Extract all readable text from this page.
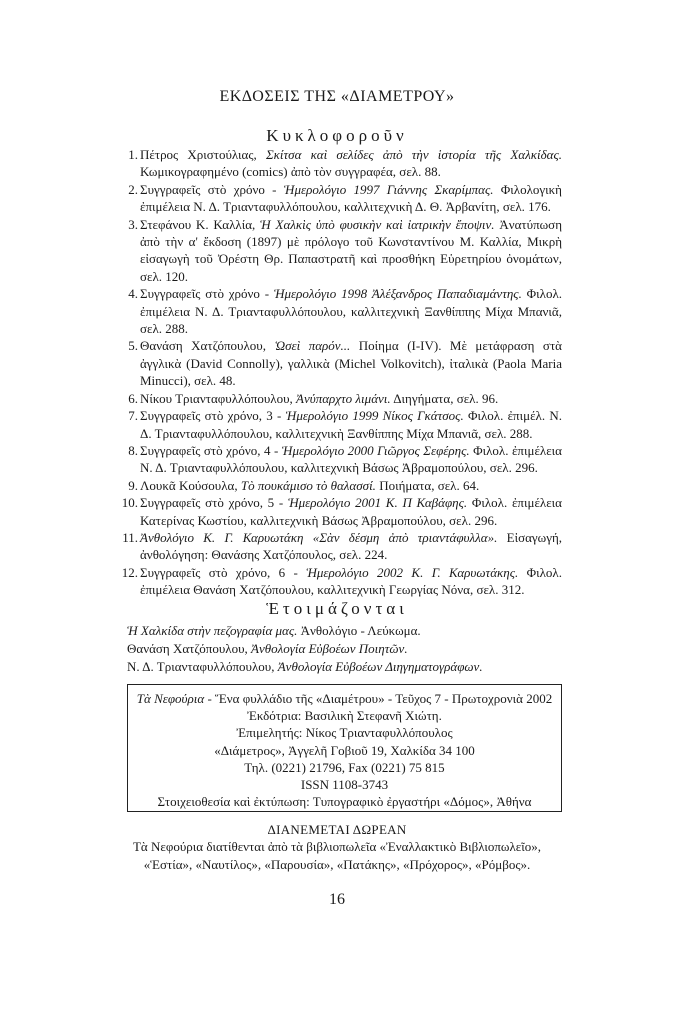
ΕΚΔΟΣΕΙΣ ΤΗΣ «ΔΙΑΜΕΤΡΟΥ»
Κυκλοφοροῦν
1. Πέτρος Χριστούλιας, Σκίτσα καὶ σελίδες ἀπὸ τὴν ἱστορία τῆς Χαλκίδας. Κωμικογραφημένο (comics) ἀπὸ τὸν συγγραφέα, σελ. 88.
2. Συγγραφεῖς στὸ χρόνο - Ἡμερολόγιο 1997 Γιάννης Σκαρίμπας. Φιλολογικὴ ἐπιμέλεια Ν. Δ. Τριανταφυλλόπουλου, καλλιτεχνικὴ Δ. Θ. Ἀρβανίτη, σελ. 176.
3. Στεφάνου Κ. Καλλία, Ἡ Χαλκὶς ὑπὸ φυσικὴν καὶ ἰατρικὴν ἔποψιν. Ἀνατύπωση ἀπὸ τὴν α' ἔκδοση (1897) μὲ πρόλογο τοῦ Κωνσταντίνου Μ. Καλλία, Μικρὴ εἰσαγωγὴ τοῦ Ὀρέστη Θρ. Παπαστρατῆ καὶ προσθήκη Εὑρετηρίου ὀνομάτων, σελ. 120.
4. Συγγραφεῖς στὸ χρόνο - Ἡμερολόγιο 1998 Ἀλέξανδρος Παπαδιαμάντης. Φιλολ. ἐπιμέλεια Ν. Δ. Τριανταφυλλόπουλου, καλλιτεχνικὴ Ξανθίππης Μίχα Μπανιᾶ, σελ. 288.
5. Θανάση Χατζόπουλου, Ὡσεὶ παρόν... Ποίημα (I-IV). Μὲ μετάφραση στὰ ἀγγλικὰ (David Connolly), γαλλικὰ (Michel Volkovitch), ἰταλικὰ (Paola Maria Minucci), σελ. 48.
6. Νίκου Τριανταφυλλόπουλου, Ἀνύπαρχτο λιμάνι. Διηγήματα, σελ. 96.
7. Συγγραφεῖς στὸ χρόνο, 3 - Ἡμερολόγιο 1999 Νίκος Γκάτσος. Φιλολ. ἐπιμέλ. Ν. Δ. Τριανταφυλλόπουλου, καλλιτεχνικὴ Ξανθίππης Μίχα Μπανιᾶ, σελ. 288.
8. Συγγραφεῖς στὸ χρόνο, 4 - Ἡμερολόγιο 2000 Γιῶργος Σεφέρης. Φιλολ. ἐπιμέλεια Ν. Δ. Τριανταφυλλόπουλου, καλλιτεχνικὴ Βάσως Ἀβραμοπούλου, σελ. 296.
9. Λουκᾶ Κούσουλα, Τὸ πουκάμισο τὸ θαλασσί. Ποιήματα, σελ. 64.
10. Συγγραφεῖς στὸ χρόνο, 5 - Ἡμερολόγιο 2001 Κ. Π Καβάφης. Φιλολ. ἐπιμέλεια Κατερίνας Κωστίου, καλλιτεχνικὴ Βάσως Ἀβραμοπούλου, σελ. 296.
11. Ἀνθολόγιο Κ. Γ. Καρυωτάκη «Σὰν δέσμη ἀπὸ τριαντάφυλλα». Εἰσαγωγή, ἀνθολόγηση: Θανάσης Χατζόπουλος, σελ. 224.
12. Συγγραφεῖς στὸ χρόνο, 6 - Ἡμερολόγιο 2002 Κ. Γ. Καρυωτάκης. Φιλολ. ἐπιμέλεια Θανάση Χατζόπουλου, καλλιτεχνικὴ Γεωργίας Νόνα, σελ. 312.
Ἑτοιμάζονται
Ἡ Χαλκίδα στὴν πεζογραφία μας. Ἀνθολόγιο - Λεύκωμα.
Θανάση Χατζόπουλου, Ἀνθολογία Εὐβοέων Ποιητῶν.
Ν. Δ. Τριανταφυλλόπουλου, Ἀνθολογία Εὐβοέων Διηγηματογράφων.
Τὰ Νεφούρια - Ἕνα φυλλάδιο τῆς «Διαμέτρου» - Τεῦχος 7 - Πρωτοχρονιὰ 2002
Ἐκδότρια: Βασιλικὴ Στεφανῆ Χιώτη.
Ἐπιμελητής: Νίκος Τριανταφυλλόπουλος
«Διάμετρος», Ἀγγελῆ Γοβιοῦ 19, Χαλκίδα 34 100
Τηλ. (0221) 21796, Fax (0221) 75 815
ISSN 1108-3743
Στοιχειοθεσία καὶ ἐκτύπωση: Τυπογραφικὸ ἐργαστήρι «Δόμος», Ἀθήνα
ΔΙΑΝΕΜΕΤΑΙ ΔΩΡΕΑΝ
Τὰ Νεφούρια διατίθενται ἀπὸ τὰ βιβλιοπωλεῖα «Ἐναλλακτικὸ Βιβλιοπωλεῖο»,
«Ἑστία», «Ναυτίλος», «Παρουσία», «Πατάκης», «Πρόχορος», «Ρόμβος».
16
